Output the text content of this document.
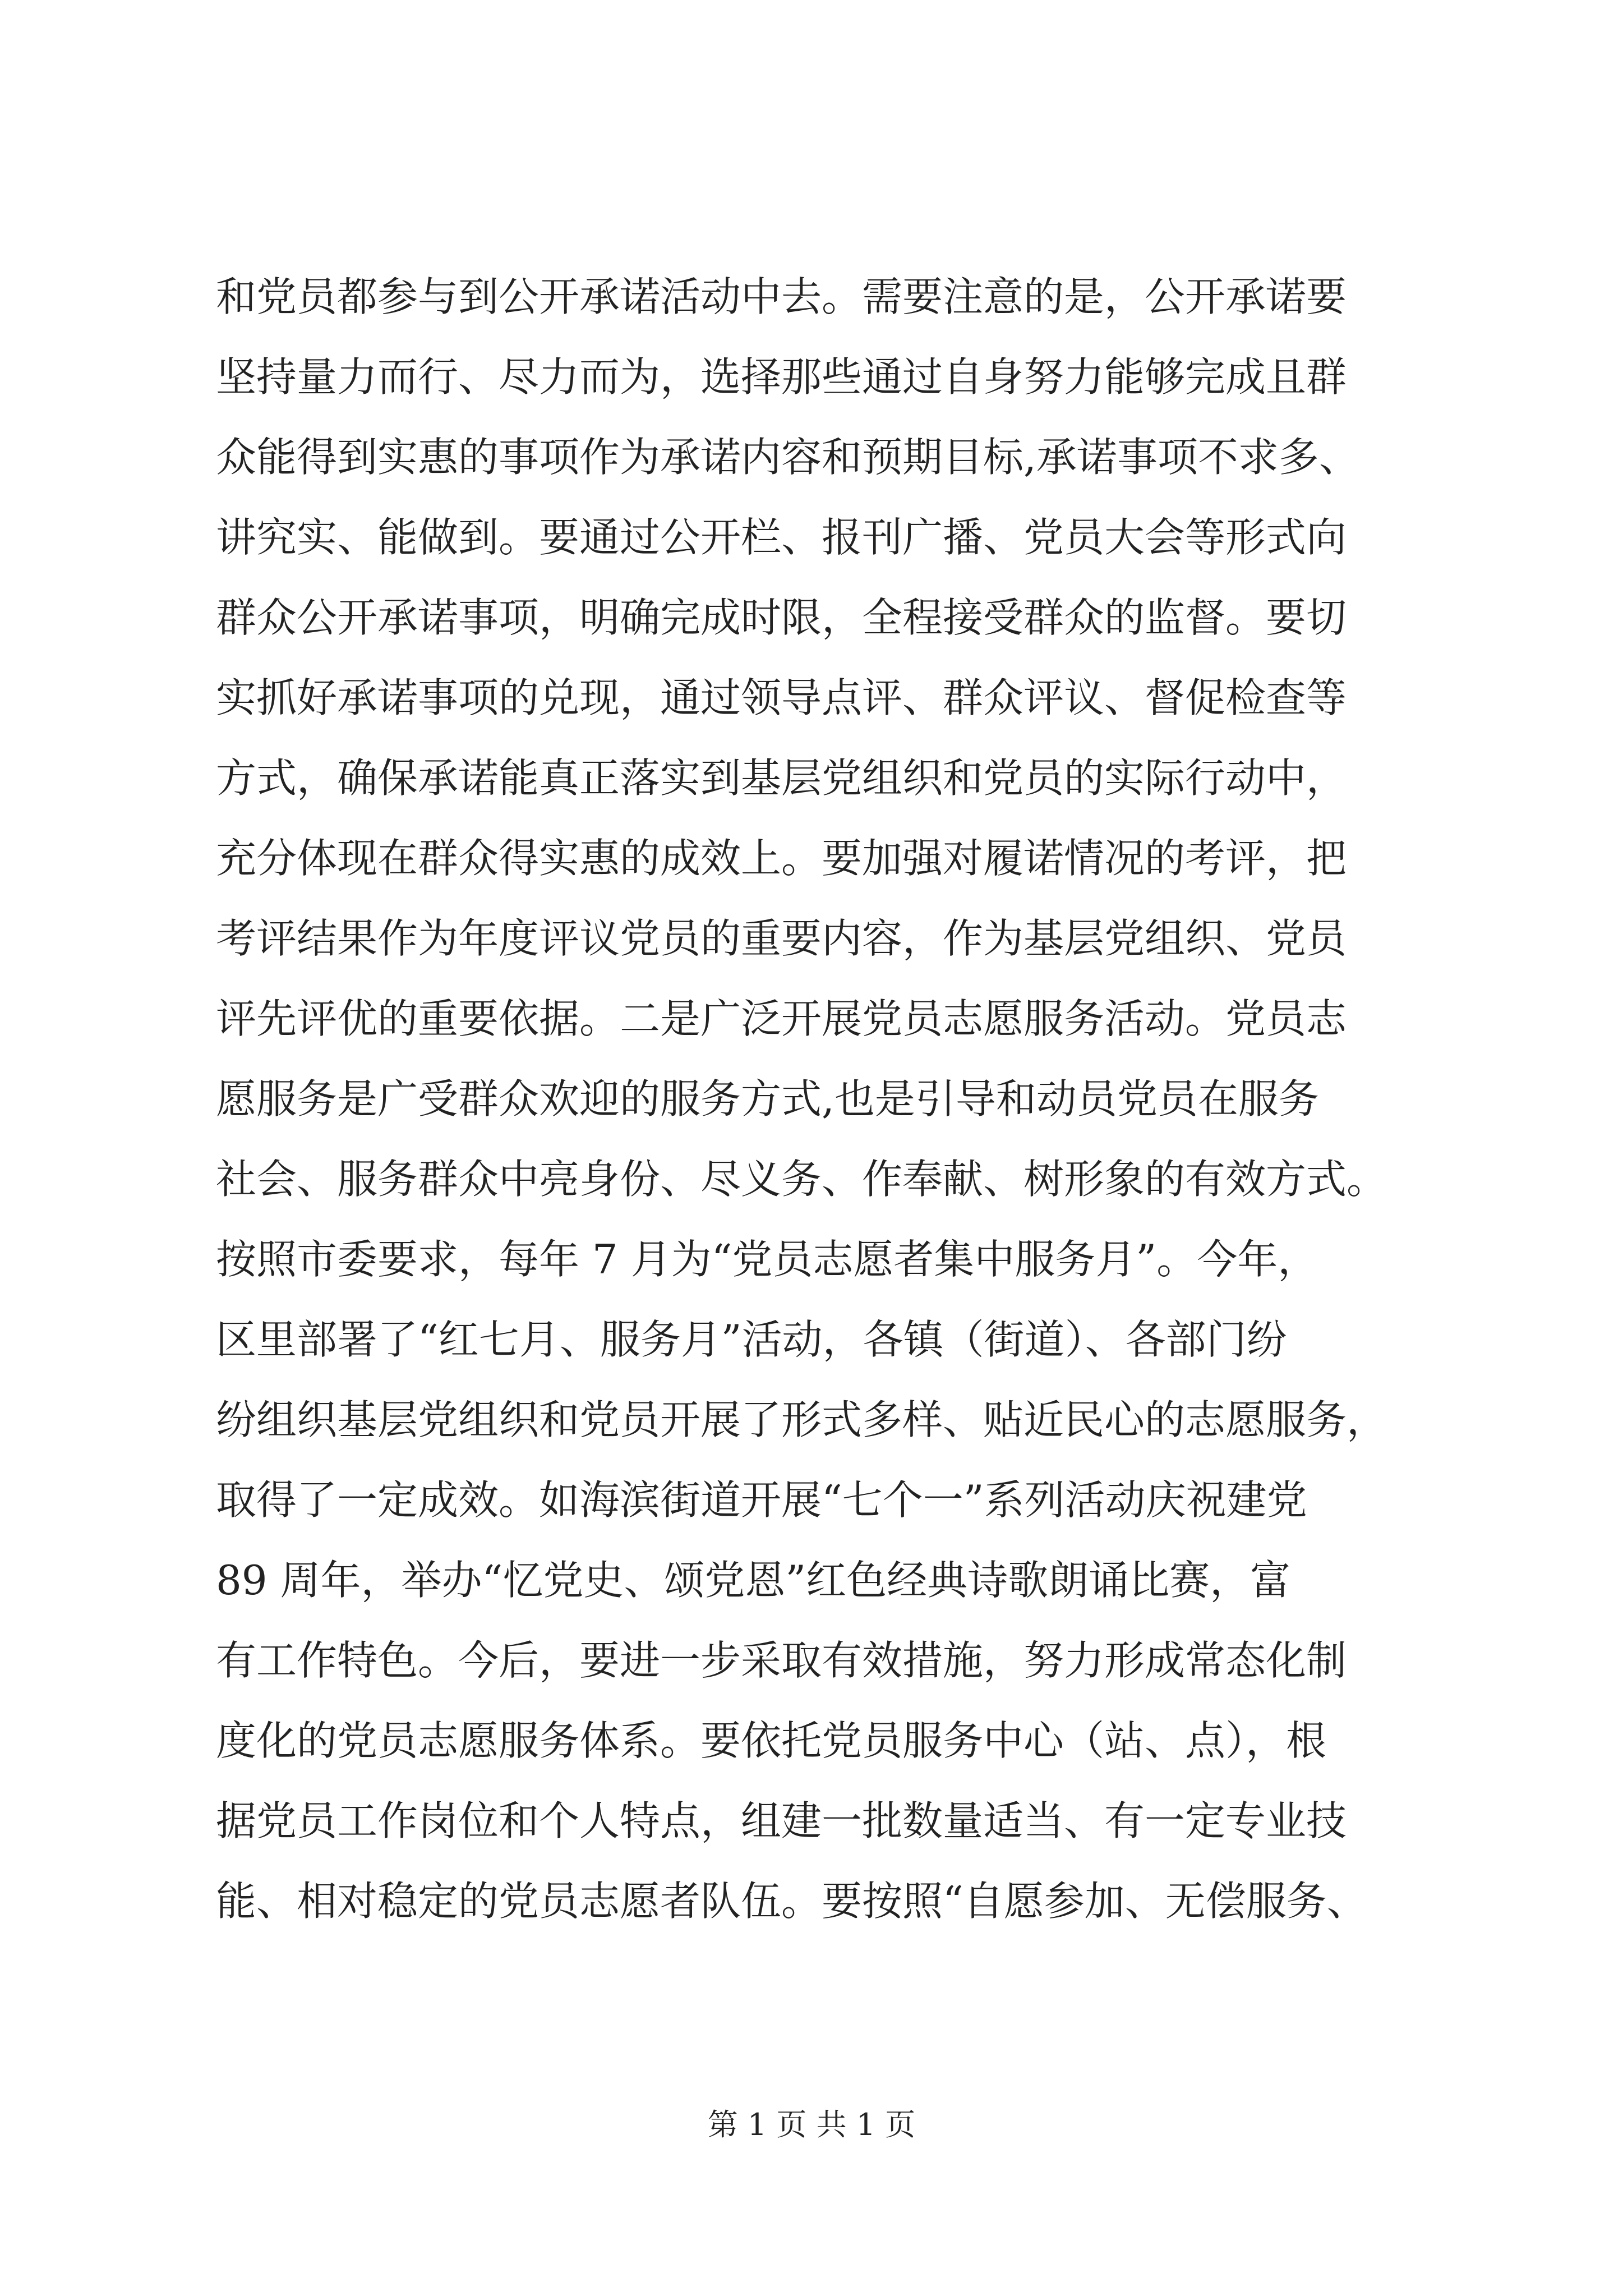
和党员都参与到公开承诺活动中去。需要注意的是，公开承诺要
坚持量力而行、尽力而为，选择那些通过自身努力能够完成且群
众能得到实惠的事项作为承诺内容和预期目标,承诺事项不求多、
讲究实、能做到。要通过公开栏、报刊广播、党员大会等形式向
群众公开承诺事项，明确完成时限，全程接受群众的监督。要切
实抓好承诺事项的兑现，通过领导点评、群众评议、督促检查等
方式，确保承诺能真正落实到基层党组织和党员的实际行动中，
充分体现在群众得实惠的成效上。要加强对履诺情况的考评，把
考评结果作为年度评议党员的重要内容，作为基层党组织、党员
评先评优的重要依据。二是广泛开展党员志愿服务活动。党员志
愿服务是广受群众欢迎的服务方式,也是引导和动员党员在服务
社会、服务群众中亮身份、尽义务、作奉献、树形象的有效方式。
按照市委要求，每年 7 月为“党员志愿者集中服务月”。今年，
区里部署了“红七月、服务月”活动，各镇（街道）、各部门纷
纷组织基层党组织和党员开展了形式多样、贴近民心的志愿服务，
取得了一定成效。如海滨街道开展“七个一”系列活动庆祝建党
89 周年，举办“忆党史、颂党恩”红色经典诗歌朗诵比赛，富
有工作特色。今后，要进一步采取有效措施，努力形成常态化制
度化的党员志愿服务体系。要依托党员服务中心（站、点），根
据党员工作岗位和个人特点，组建一批数量适当、有一定专业技
能、相对稳定的党员志愿者队伍。要按照“自愿参加、无偿服务、
第 1 页 共 1 页
